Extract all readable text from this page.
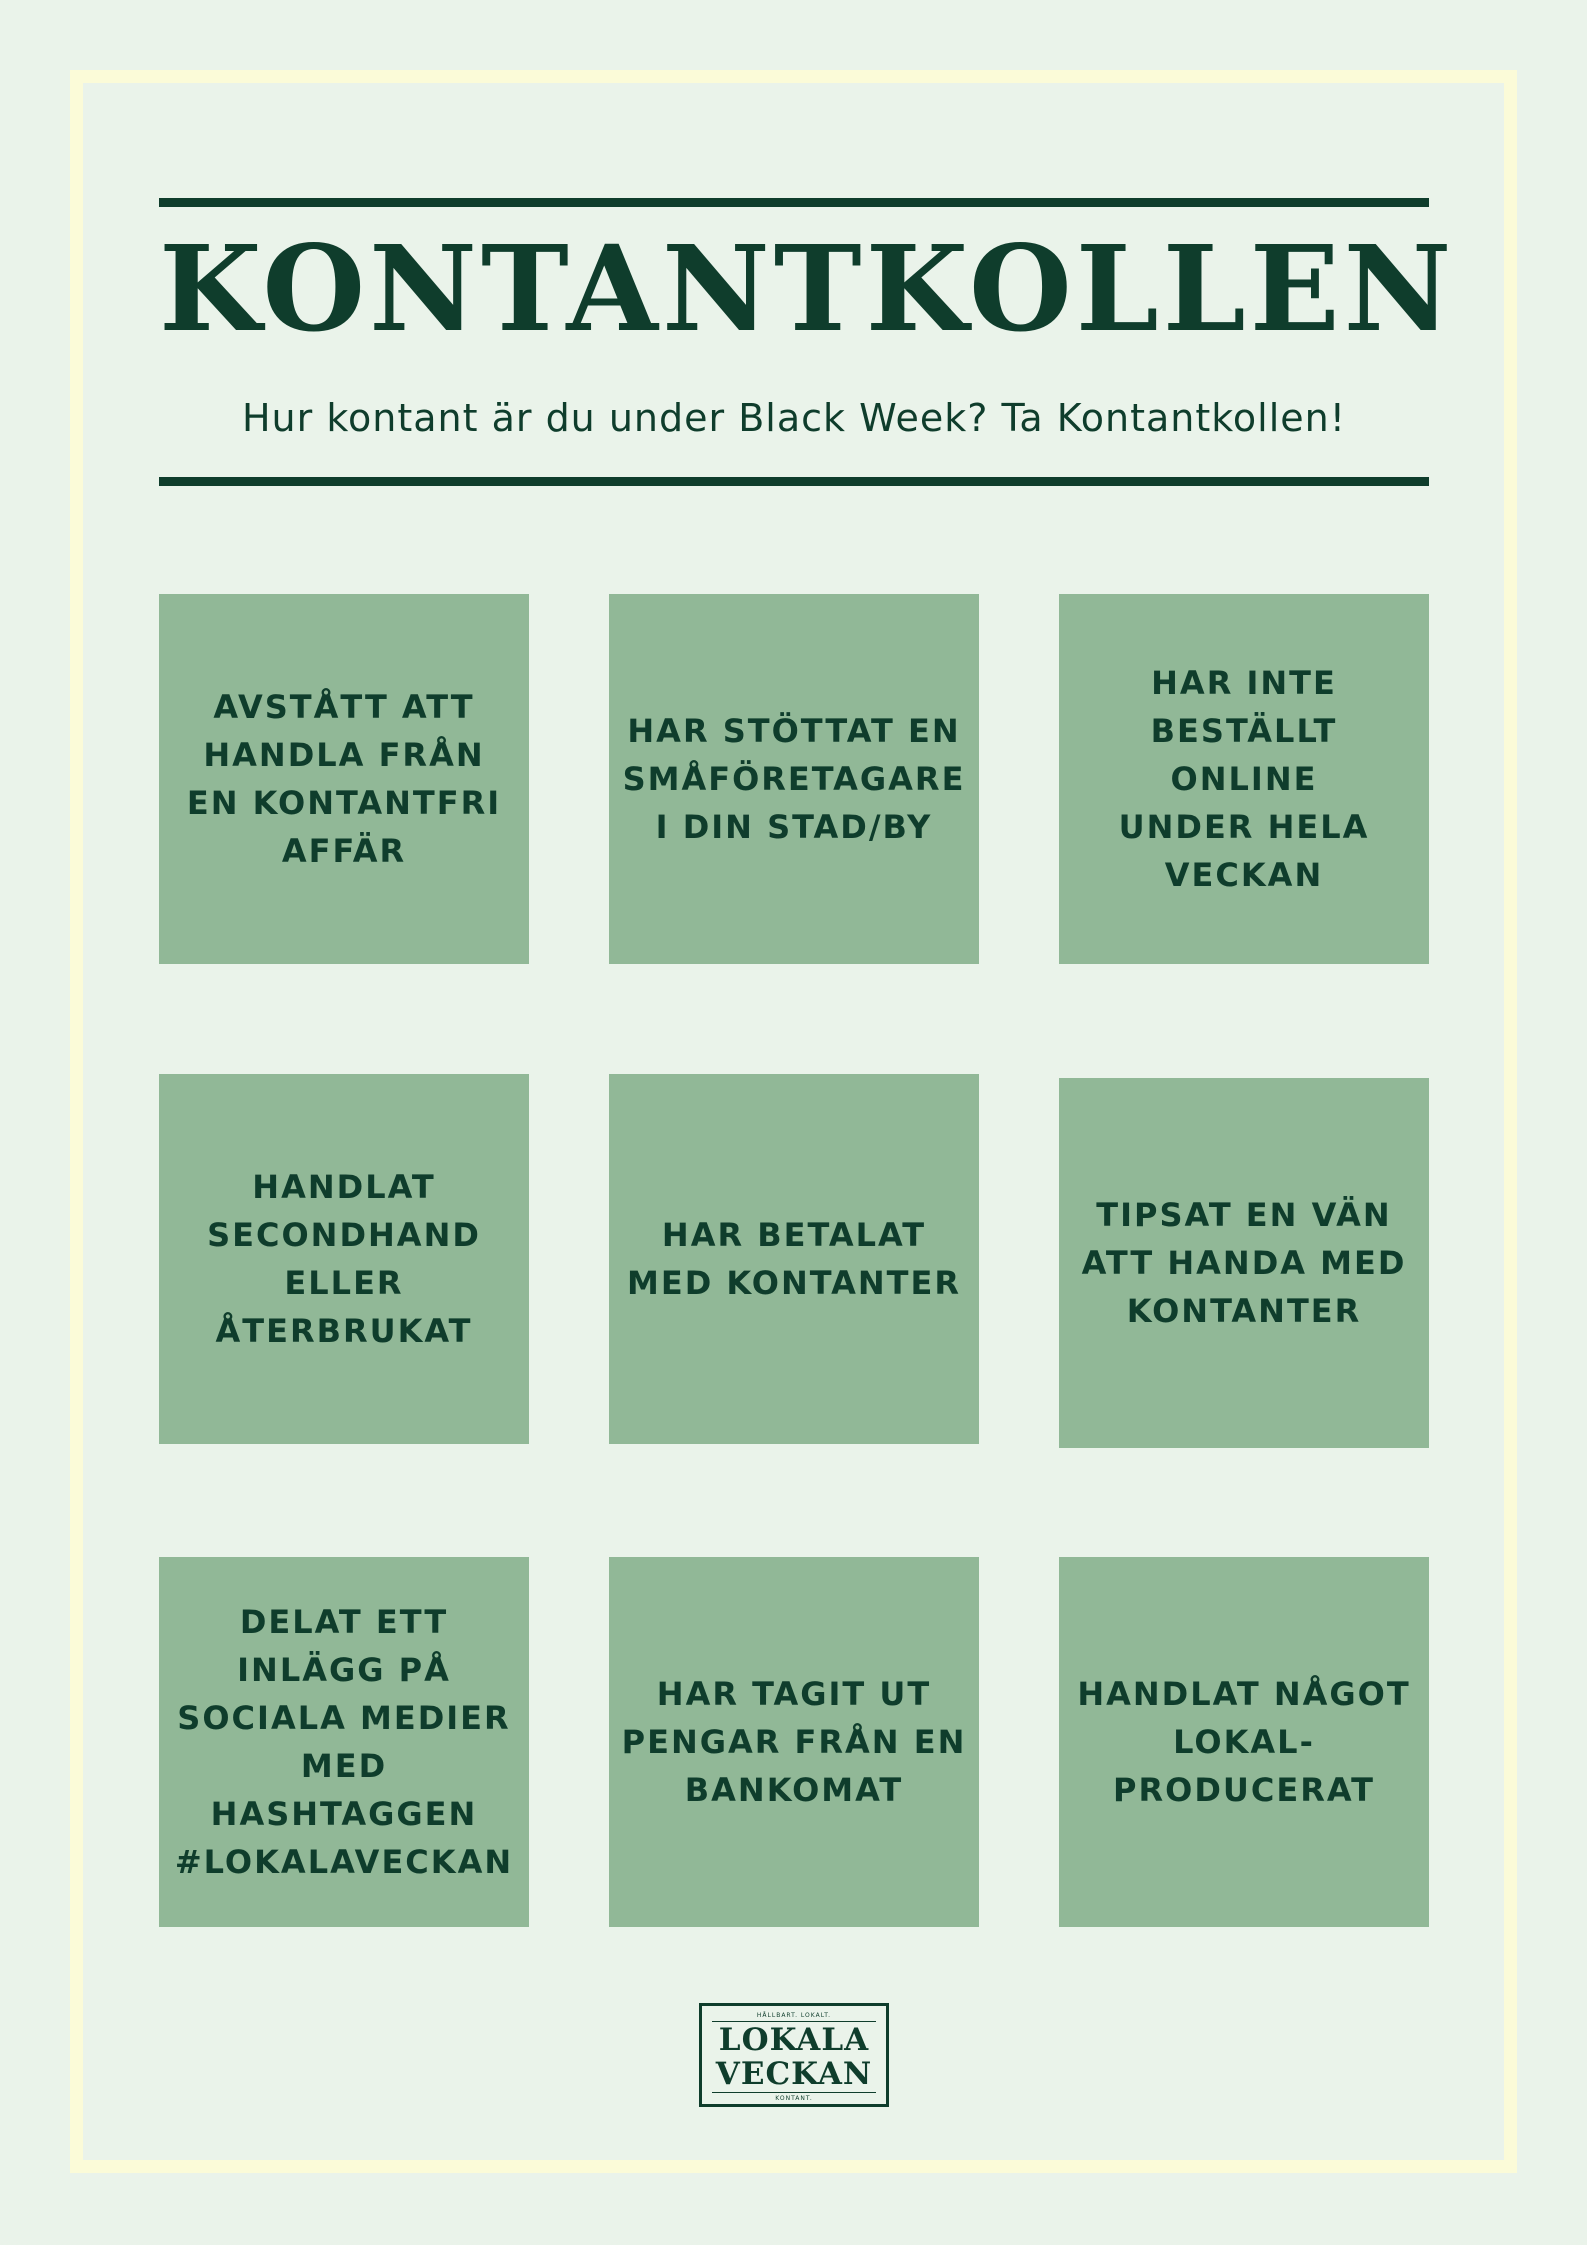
KONTANTKOLLEN
Hur kontant är du under Black Week? Ta Kontantkollen!
AVSTÅTT ATT
HANDLA FRÅN
EN KONTANTFRI
AFFÄR
HAR STÖTTAT EN
SMÅFÖRETAGARE
I DIN STAD/BY
HAR INTE
BESTÄLLT ONLINE
UNDER HELA
VECKAN
HANDLAT
SECONDHAND
ELLER
ÅTERBRUKAT
HAR BETALAT
MED KONTANTER
TIPSAT EN VÄN
ATT HANDA MED
KONTANTER
DELAT ETT
INLÄGG PÅ
SOCIALA MEDIER
MED
HASHTAGGEN
#LOKALAVECKAN
HAR TAGIT UT
PENGAR FRÅN EN
BANKOMAT
HANDLAT NÅGOT
LOKAL-
PRODUCERAT
HÅLLBART. LOKALT.
LOKALA
VECKAN
KONTANT.
